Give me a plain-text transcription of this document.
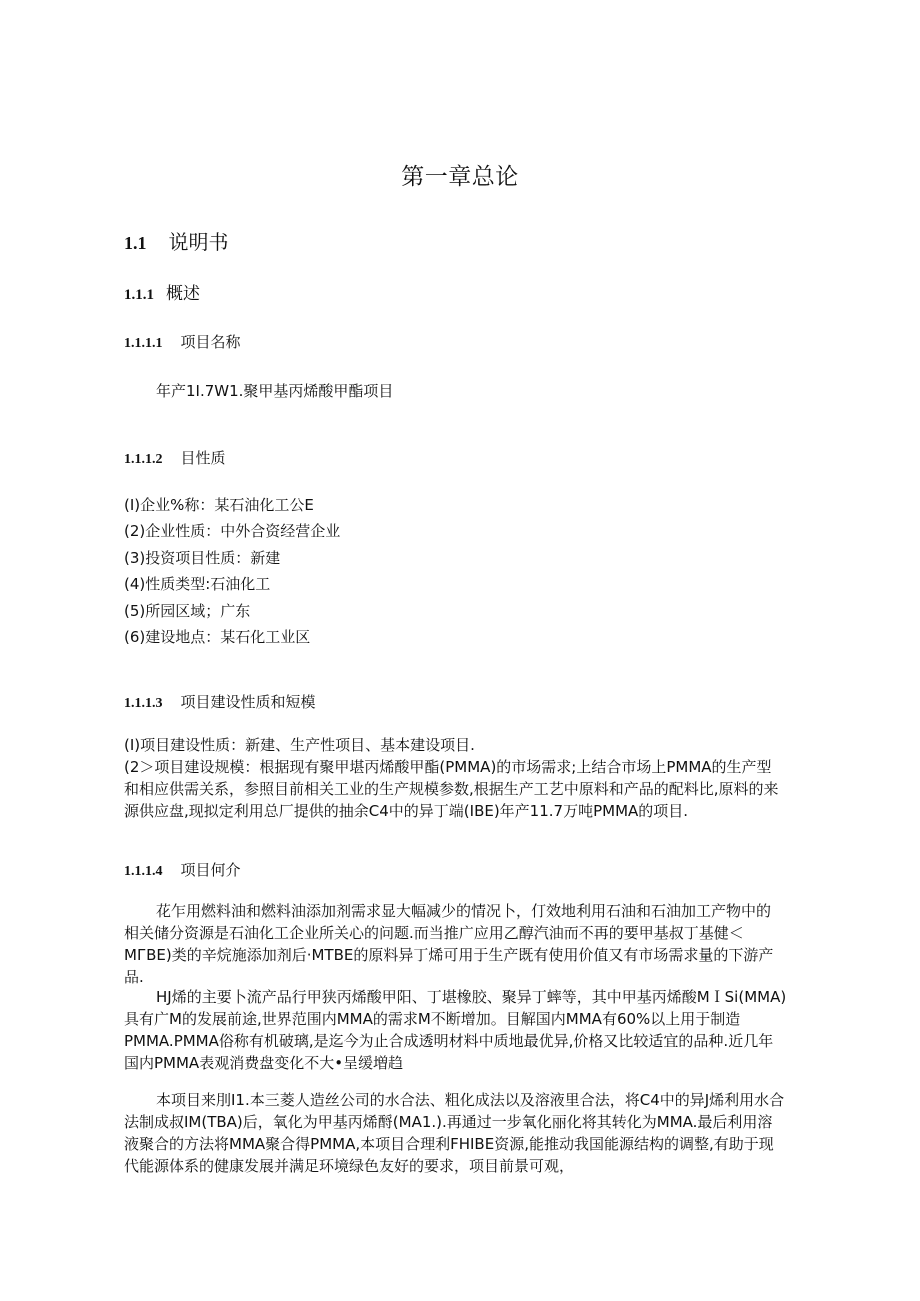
第一章总论
1.1 说明书
1.1.1 概述
1.1.1.1 项目名称
年产1I.7W1.聚甲基丙烯酸甲酯项目
1.1.1.2 目性质
(I)企业%称：某石油化工公E
(2)企业性质：中外合资经营企业
(3)投资项目性质：新建
(4)性质类型:石油化工
(5)所园区域；广东
(6)建设地点：某石化工业区
1.1.1.3 项目建设性质和短模
(I)项目建设性质：新建、生产性项目、基本建设项目.
(2＞项目建设规模：根据现有聚甲堪丙烯酸甲酯(PMMA)的市场需求;上结合市场上PMMA的生产型
和相应供需关系，参照目前相关工业的生产规模参数,根据生产工艺中原料和产品的配料比,原料的来
源供应盘,现拟定利用总厂提供的抽余C4中的异丁端(IBE)年产11.7万吨PMMA的项目.
1.1.1.4 项目何介
花乍用燃料油和燃料油添加剂需求显大幅减少的情况卜，仃效地利用石油和石油加工产物中的
相关储分资源是石油化工企业所关心的问题.而当推广应用乙醇汽油而不再的要甲基叔丁基健＜
MГBE)类的辛烷施添加剂后·MTBE的原料异丁烯可用于生产既有使用价值又有市场需求量的下游产
品.
HJ烯的主要卜流产品行甲狭丙烯酸甲阳、丁堪橡胶、聚异丁蟀等，其中甲基丙烯酸MＩSi(MMA)
具有广M的发展前途,世界范围内MMA的需求M不断增加。目解国内MMA有60%以上用于制造
PMMA.PMMA俗称有机破璃,是迄今为止合成透明材料中质地最优异,价格又比较适宜的品种.近几年
国内PMMA表观消费盘变化不大•呈缓増趋
本项目来刖I1.本三菱人造丝公司的水合法、粗化成法以及溶液里合法，将C4中的异J烯利用水合
法制成叔IM(TBA)后，氧化为甲基丙烯酹(MA1.).再通过一步氧化丽化将其转化为MMA.最后利用溶
液聚合的方法将MMA聚合得PMMA,本项目合理利FHIBE资源,能推动我国能源结构的调整,有助于现
代能源体系的健康发展并满足环境绿色友好的要求，项目前景可观，
